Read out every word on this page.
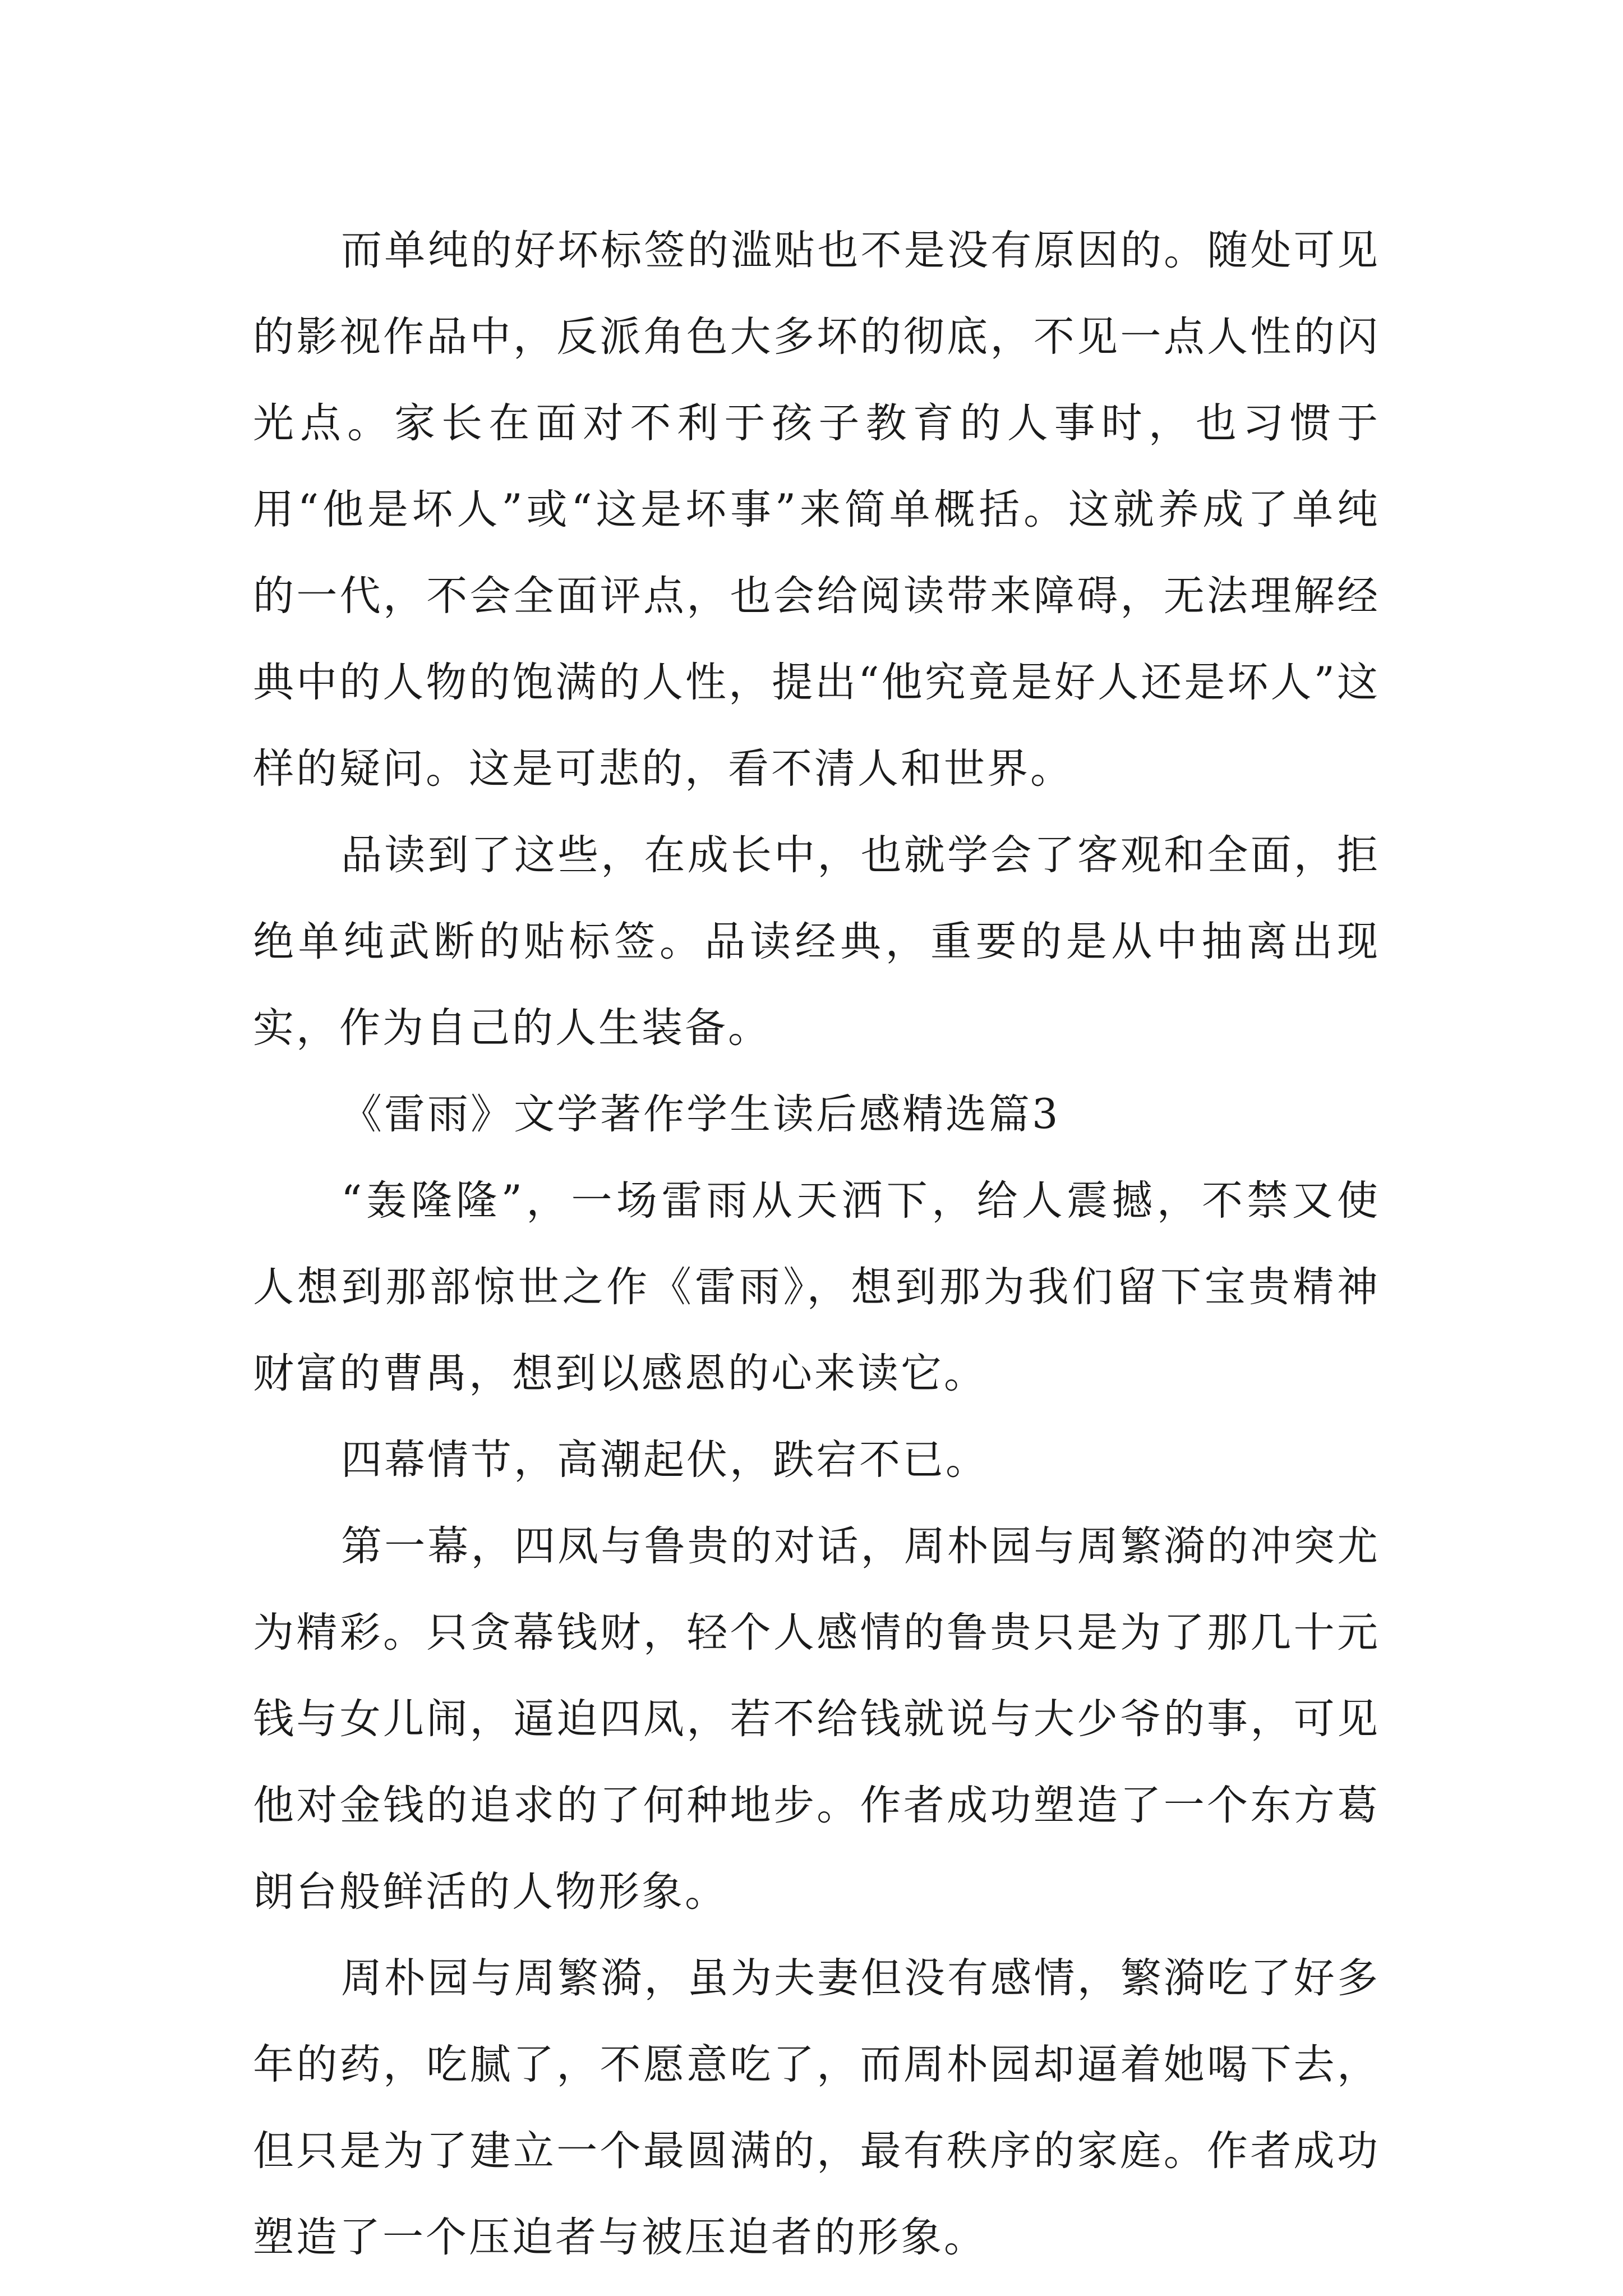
而单纯的好坏标签的滥贴也不是没有原因的。随处可见的影视作品中，反派角色大多坏的彻底，不见一点人性的闪光点。家长在面对不利于孩子教育的人事时，也习惯于用“他是坏人”或“这是坏事”来简单概括。这就养成了单纯的一代，不会全面评点，也会给阅读带来障碍，无法理解经典中的人物的饱满的人性，提出“他究竟是好人还是坏人”这样的疑问。这是可悲的，看不清人和世界。

品读到了这些，在成长中，也就学会了客观和全面，拒绝单纯武断的贴标签。品读经典，重要的是从中抽离出现实，作为自己的人生装备。

《雷雨》文学著作学生读后感精选篇3

“轰隆隆”，一场雷雨从天洒下，给人震撼，不禁又使人想到那部惊世之作《雷雨》，想到那为我们留下宝贵精神财富的曹禺，想到以感恩的心来读它。

四幕情节，高潮起伏，跌宕不已。

第一幕，四凤与鲁贵的对话，周朴园与周繁漪的冲突尤为精彩。只贪幕钱财，轻个人感情的鲁贵只是为了那几十元钱与女儿闹，逼迫四凤，若不给钱就说与大少爷的事，可见他对金钱的追求的了何种地步。作者成功塑造了一个东方葛朗台般鲜活的人物形象。

周朴园与周繁漪，虽为夫妻但没有感情，繁漪吃了好多年的药，吃腻了，不愿意吃了，而周朴园却逼着她喝下去，但只是为了建立一个最圆满的，最有秩序的家庭。作者成功塑造了一个压迫者与被压迫者的形象。
